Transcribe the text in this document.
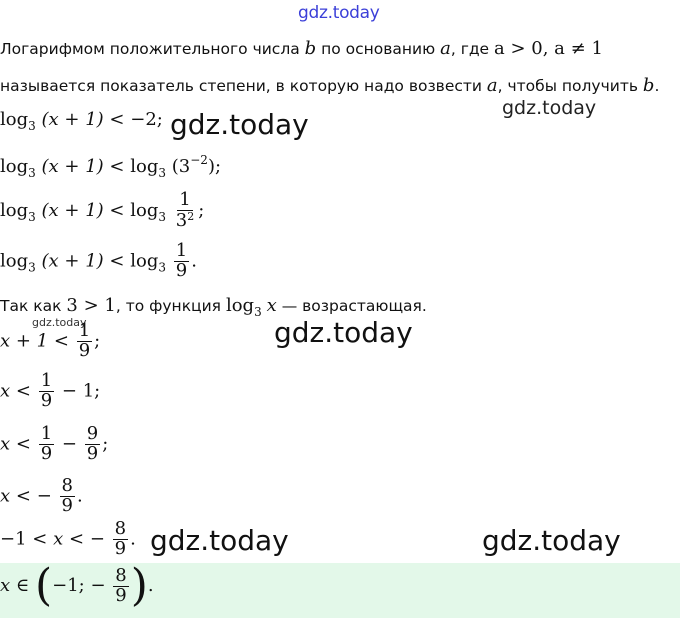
gdz.today
Логарифмом положительного числа b по основанию a, где a > 0, a ≠ 1
называется показатель степени, в которую надо возвести a, чтобы получить b.
gdz.today
$\log_3 (x + 1) < -2$; gdz.today
$\log_3 (x + 1) < \log_3 (3^{-2})$;
$\log_3 (x + 1) < \log_3 \frac{1}{3^2}$ ;
$\log_3 (x + 1) < \log_3 \frac{1}{9}$ .
Так как 3 > 1, то функция $\log_3 x$ — возрастающая.
gdz.today
$x + 1 < \frac{1}{9}$ ;	gdz.today
$x < \frac{1}{9} - 1$;
$x < \frac{1}{9} - \frac{9}{9}$ ;
x < − $\frac{8}{9}$ .
−1 < x < − $\frac{8}{9}$ . gdz.today	gdz.today
x ∈ (−1; − $\frac{8}{9}$ ).
